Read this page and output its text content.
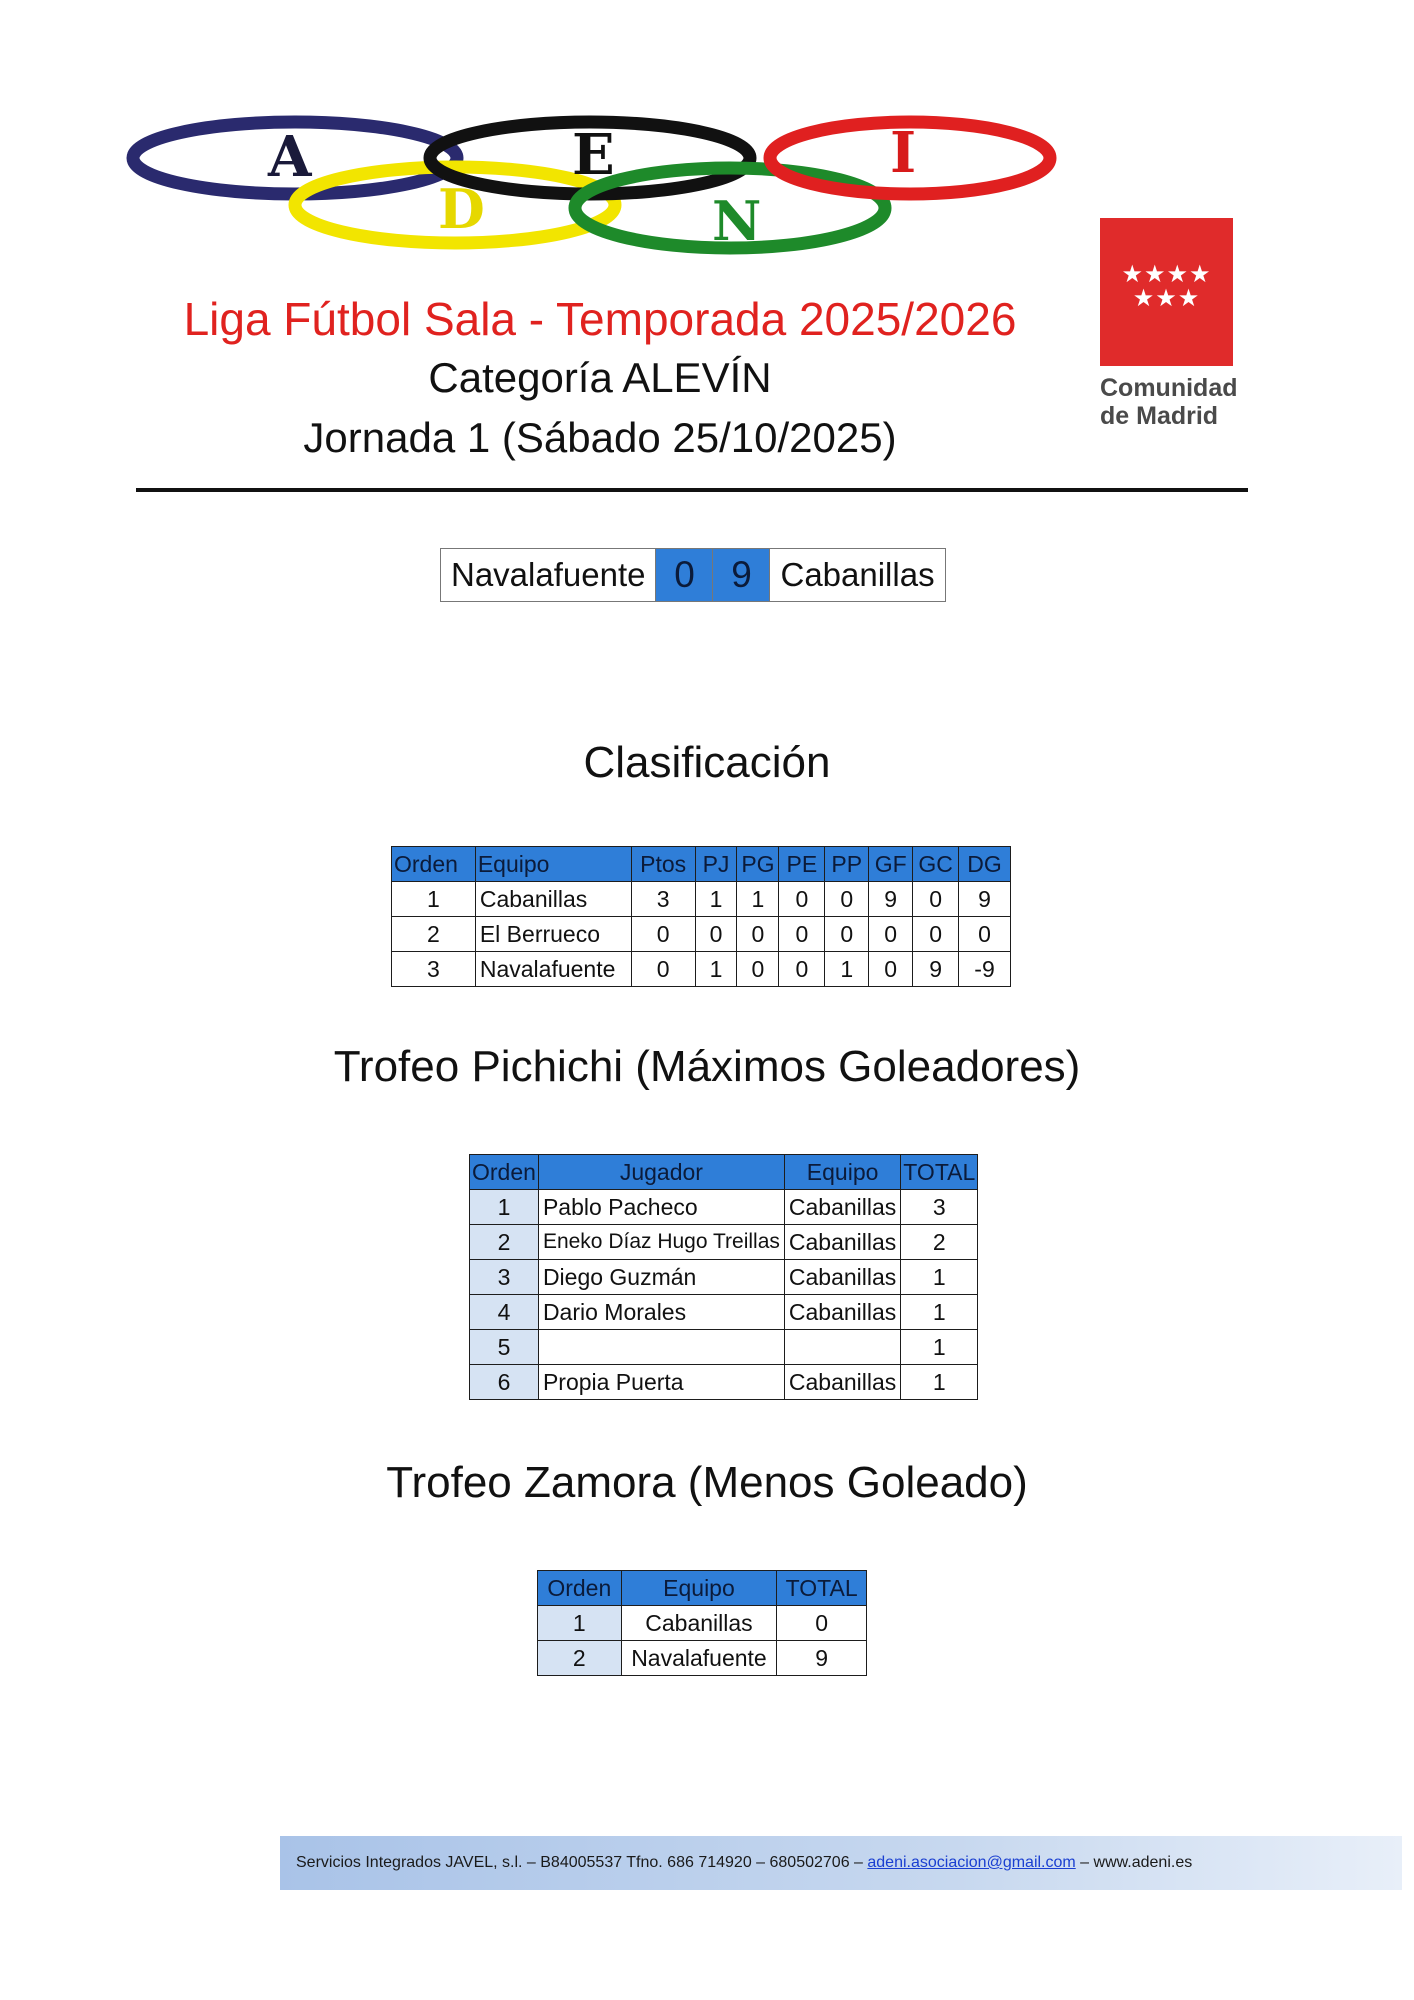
A
D
E
N
I
★★★★
★★★
Comunidad
de Madrid
Liga Fútbol Sala - Temporada 2025/2026
Categoría ALEVÍN
Jornada 1 (Sábado 25/10/2025)
Navalafuente 0 9 Cabanillas
Clasificación
Orden	Equipo	Ptos	PJ	PG	PE	PP	GF	GC	DG
1	Cabanillas	3	1	1	0	0	9	0	9
2	El Berrueco	0	0	0	0	0	0	0	0
3	Navalafuente	0	1	0	0	1	0	9	-9
Trofeo Pichichi (Máximos Goleadores)
Orden	Jugador	Equipo	TOTAL
1	Pablo Pacheco	Cabanillas	3
2	Eneko Díaz Hugo Treillas	Cabanillas	2
3	Diego Guzmán	Cabanillas	1
4	Dario Morales	Cabanillas	1
5			1
6	Propia Puerta	Cabanillas	1
Trofeo Zamora (Menos Goleado)
Orden	Equipo	TOTAL
1	Cabanillas	0
2	Navalafuente	9
Servicios Integrados JAVEL, s.l. – B84005537 Tfno. 686 714920 – 680502706 – adeni.asociacion@gmail.com – www.adeni.es
